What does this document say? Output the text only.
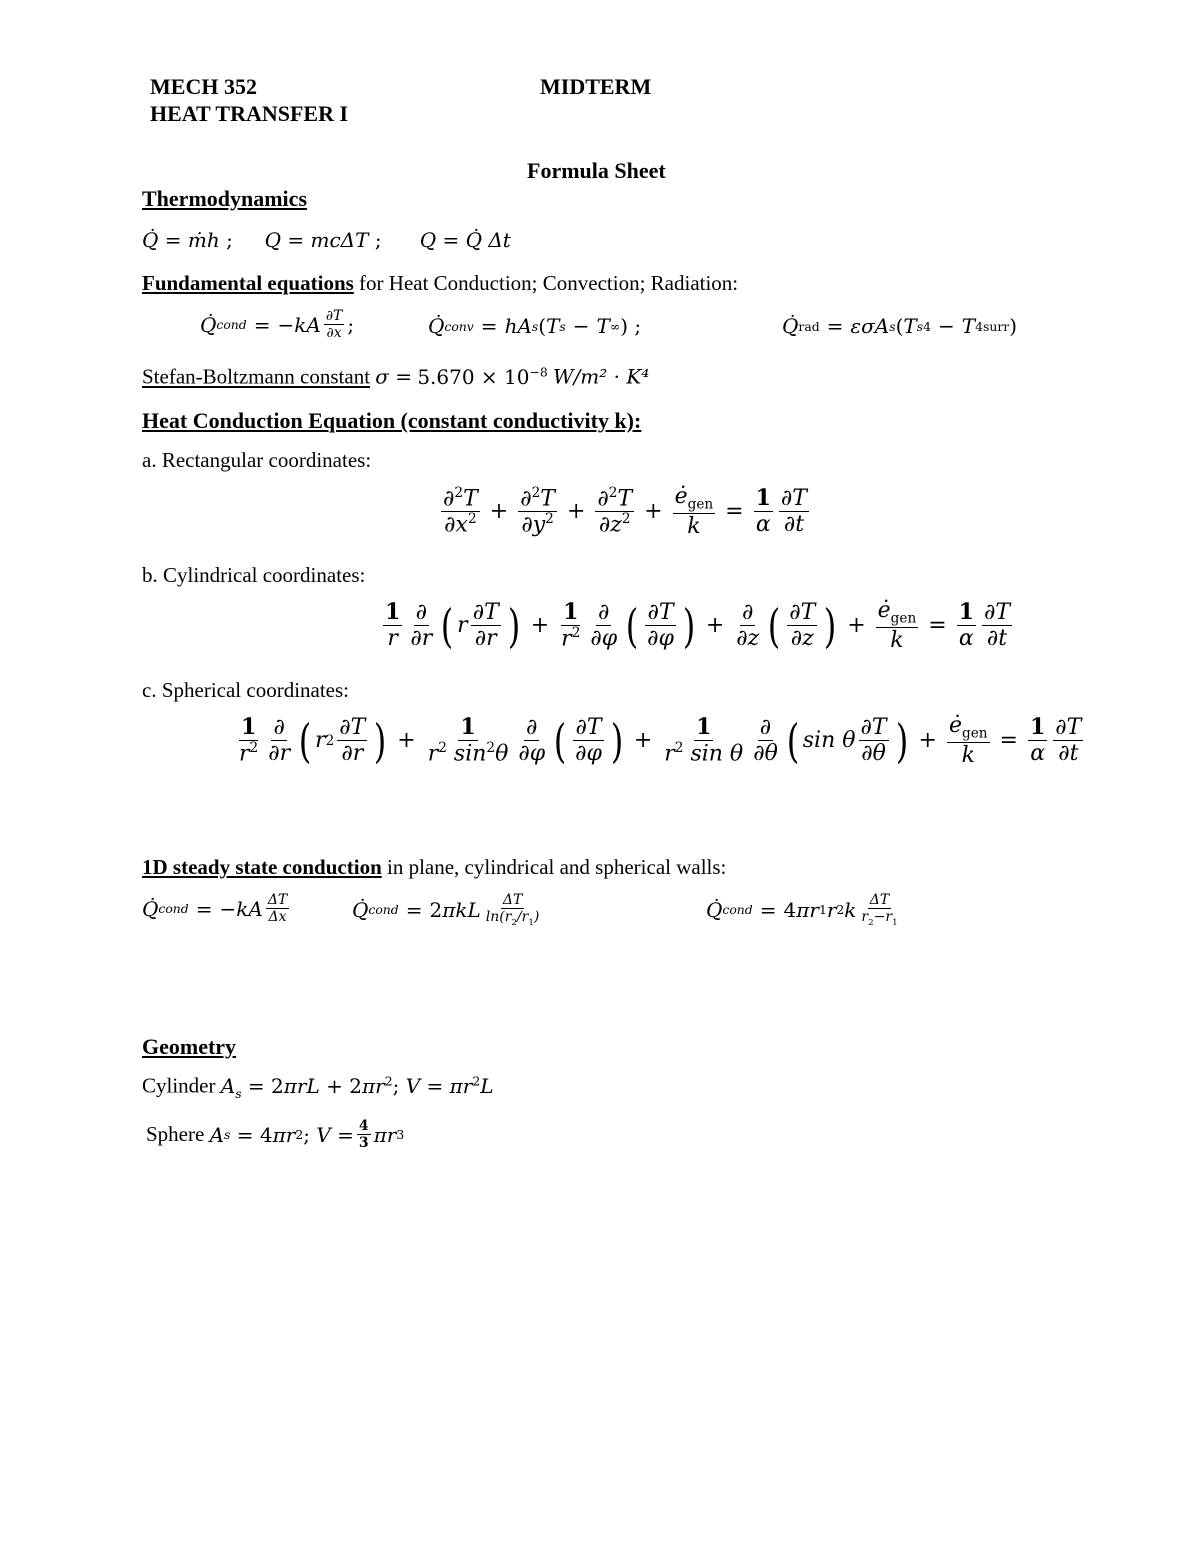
MECH 352	MIDTERM
HEAT TRANSFER I
Formula Sheet
Thermodynamics
Q̇ = ṁh ;     Q = mcΔT ;      Q = Q̇ Δt
Fundamental equations for Heat Conduction; Convection; Radiation:
Q̇ cond = $-kA \frac{\partial T}{\partial x}$ ;	Q̇ conv = hA s ( T s − T ∞ ) ;	Q̇ rad = εσA s ( T s 4 − T 4 surr )
Stefan-Boltzmann constant $\sigma = 5.670 \times 10^{-8}$ W/m² · K⁴
Heat Conduction Equation (constant conductivity k):
a. Rectangular coordinates:
∂$^2$T
$\partial x^2 + \frac{\partial^2T}{\partial y^2} + \frac{\partial^2T}{\partial z^2}$ +
$ė_{gen}$
k
= $\frac{1}{\alpha} \partial T$
∂t
b. Cylindrical coordinates:
1
r
∂
∂r ( r
∂T
∂r ) + $\frac{1}{r^2}$ ∂
∂φ ( ∂T
∂φ ) +
∂
∂z ( ∂T
∂z ) +
$ė_{gen}$
k
= $\frac{1}{\alpha} \partial T$
∂t
c. Spherical coordinates:
1
$r^2$
∂
∂r ( r 2
∂T
∂r ) + $\frac{1}{r^2 \sin^2\theta}$ ∂
∂φ ( ∂T
∂φ ) + $\frac{1}{r^2 \sin \theta}$ ∂
∂θ ( sin θ
∂T
∂θ ) +
$ė_{gen}$
k
= $\frac{1}{\alpha} \partial T$
∂t
1D steady state conduction in plane, cylindrical and spherical walls:
Q̇ cond = $-kA \frac{\Delta T}{\Delta x}$	Q̇ cond = 2 πkL ΔT
$\ln(r_2/r_1)$	Q̇ cond = 4 πr 1 r 2 k ΔT
$r_2-r_1$
Geometry
Cylinder $A_s = 2\pi rL + 2\pi r^2$; $V = \pi r^2L$
Sphere
A s
=
4 πr 2 ; $V = \frac{4}{3}$ πr 3
